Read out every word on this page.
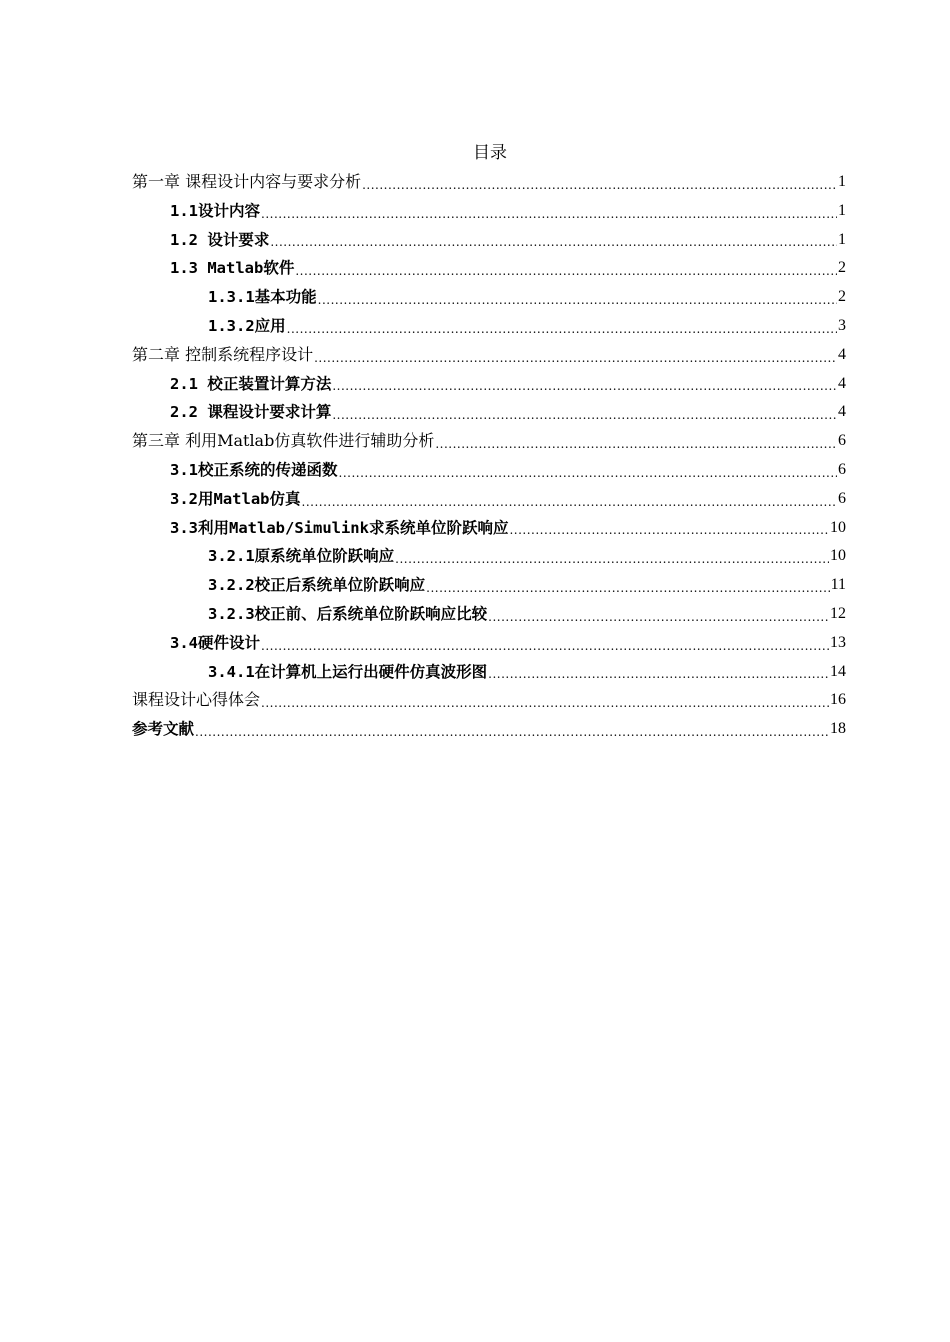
目录
第一章 课程设计内容与要求分析 .....	1
1.1设计内容 .....	1
1.2 设计要求 .....	1
1.3 Matlab软件 .....	2
1.3.1基本功能 .....	2
1.3.2应用 .....	3
第二章 控制系统程序设计 .....	4
2.1 校正装置计算方法 .....	4
2.2 课程设计要求计算 .....	4
第三章 利用Matlab仿真软件进行辅助分析 .....	6
3.1校正系统的传递函数 .....	6
3.2用Matlab仿真 .....	6
3.3利用Matlab/Simulink求系统单位阶跃响应 .....	10
3.2.1原系统单位阶跃响应 .....	10
3.2.2校正后系统单位阶跃响应 .....	11
3.2.3校正前、后系统单位阶跃响应比较 .....	12
3.4硬件设计 .....	13
3.4.1在计算机上运行出硬件仿真波形图 .....	14
课程设计心得体会 .....	16
参考文献 .....	18
